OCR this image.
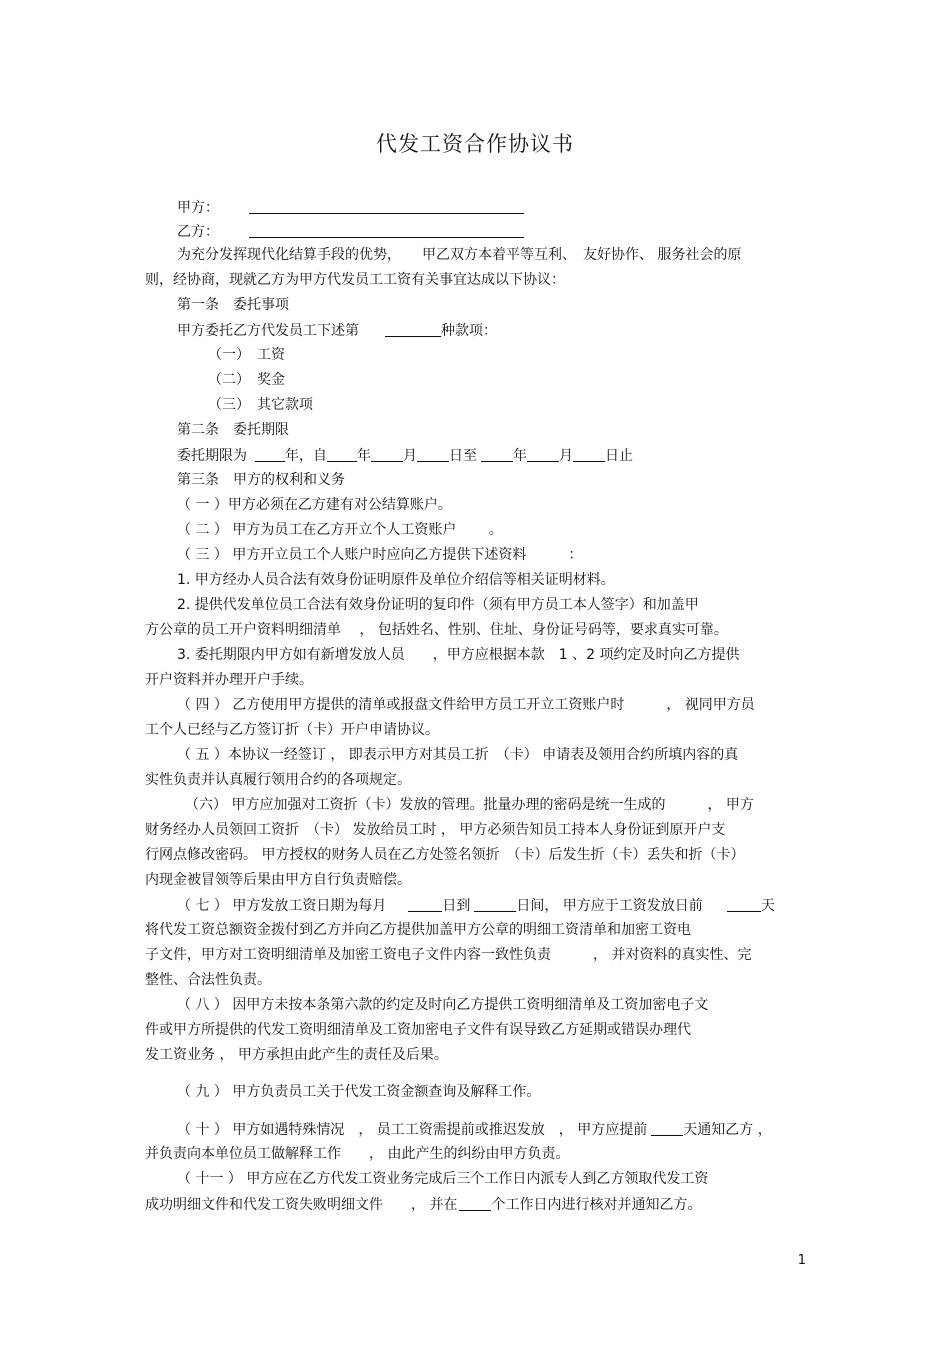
代发工资合作协议书
甲方：
乙方：
为充分发挥现代化结算手段的优势，　　甲乙双方本着平等互利、　友好协作、 服务社会的原
则，经协商，现就乙方为甲方代发员工工资有关事宜达成以下协议：
第一条　委托事项
甲方委托乙方代发员工下述第	种款项：
（一）　工资
（二）　奖金
（三）　其它款项
第二条　委托期限
委托期限为	年，自 年 月 日至	年 月 日止
第三条　甲方的权利和义务
（ 一 ）甲方必须在乙方建有对公结算账户。
（ 二 ） 甲方为员工在乙方开立个人工资账户　　 。
（ 三 ） 甲方开立员工个人账户时应向乙方提供下述资料　　　：
1. 甲方经办人员合法有效身份证明原件及单位介绍信等相关证明材料。
2. 提供代发单位员工合法有效身份证明的复印件（须有甲方员工本人签字）和加盖甲
方公章的员工开户资料明细清单　 ， 包括姓名、性别、住址、身份证号码等，要求真实可靠。
3. 委托期限内甲方如有新增发放人员　　，甲方应根据本款　1 、2 项约定及时向乙方提供
开户资料并办理开户手续。
（ 四 ） 乙方使用甲方提供的清单或报盘文件给甲方员工开立工资账户时　　　， 视同甲方员
工个人已经与乙方签订折（卡）开户申请协议。
（ 五 ）本协议一经签订 ， 即表示甲方对其员工折　（卡） 申请表及领用合约所填内容的真
实性负责并认真履行领用合约的各项规定。
（六） 甲方应加强对工资折（卡）发放的管理。批量办理的密码是统一生成的　　　， 甲方
财务经办人员领回工资折　（卡） 发放给员工时 ， 甲方必须告知员工持本人身份证到原开户支
行网点修改密码。 甲方授权的财务人员在乙方处签名领折　（卡）后发生折（卡）丢失和折（卡）
内现金被冒领等后果由甲方自行负责赔偿。
（ 七 ） 甲方发放工资日期为每月	日到	日间， 甲方应于工资发放日前	天
将代发工资总额资金拨付到乙方并向乙方提供加盖甲方公章的明细工资清单和加密工资电
子文件，甲方对工资明细清单及加密工资电子文件内容一致性负责　　　， 并对资料的真实性、完
整性、合法性负责。
（ 八 ） 因甲方未按本条第六款的约定及时向乙方提供工资明细清单及工资加密电子文
件或甲方所提供的代发工资明细清单及工资加密电子文件有误导致乙方延期或错误办理代
发工资业务 ， 甲方承担由此产生的责任及后果。
（ 九 ） 甲方负责员工关于代发工资金额查询及解释工作。
（ 十 ） 甲方如遇特殊情况　， 员工工资需提前或推迟发放　， 甲方应提前	天通知乙方 ，
并负责向本单位员工做解释工作　　， 由此产生的纠纷由甲方负责。
（ 十一 ） 甲方应在乙方代发工资业务完成后三个工作日内派专人到乙方领取代发工资
成功明细文件和代发工资失败明细文件　　， 并在 个工作日内进行核对并通知乙方。
1
